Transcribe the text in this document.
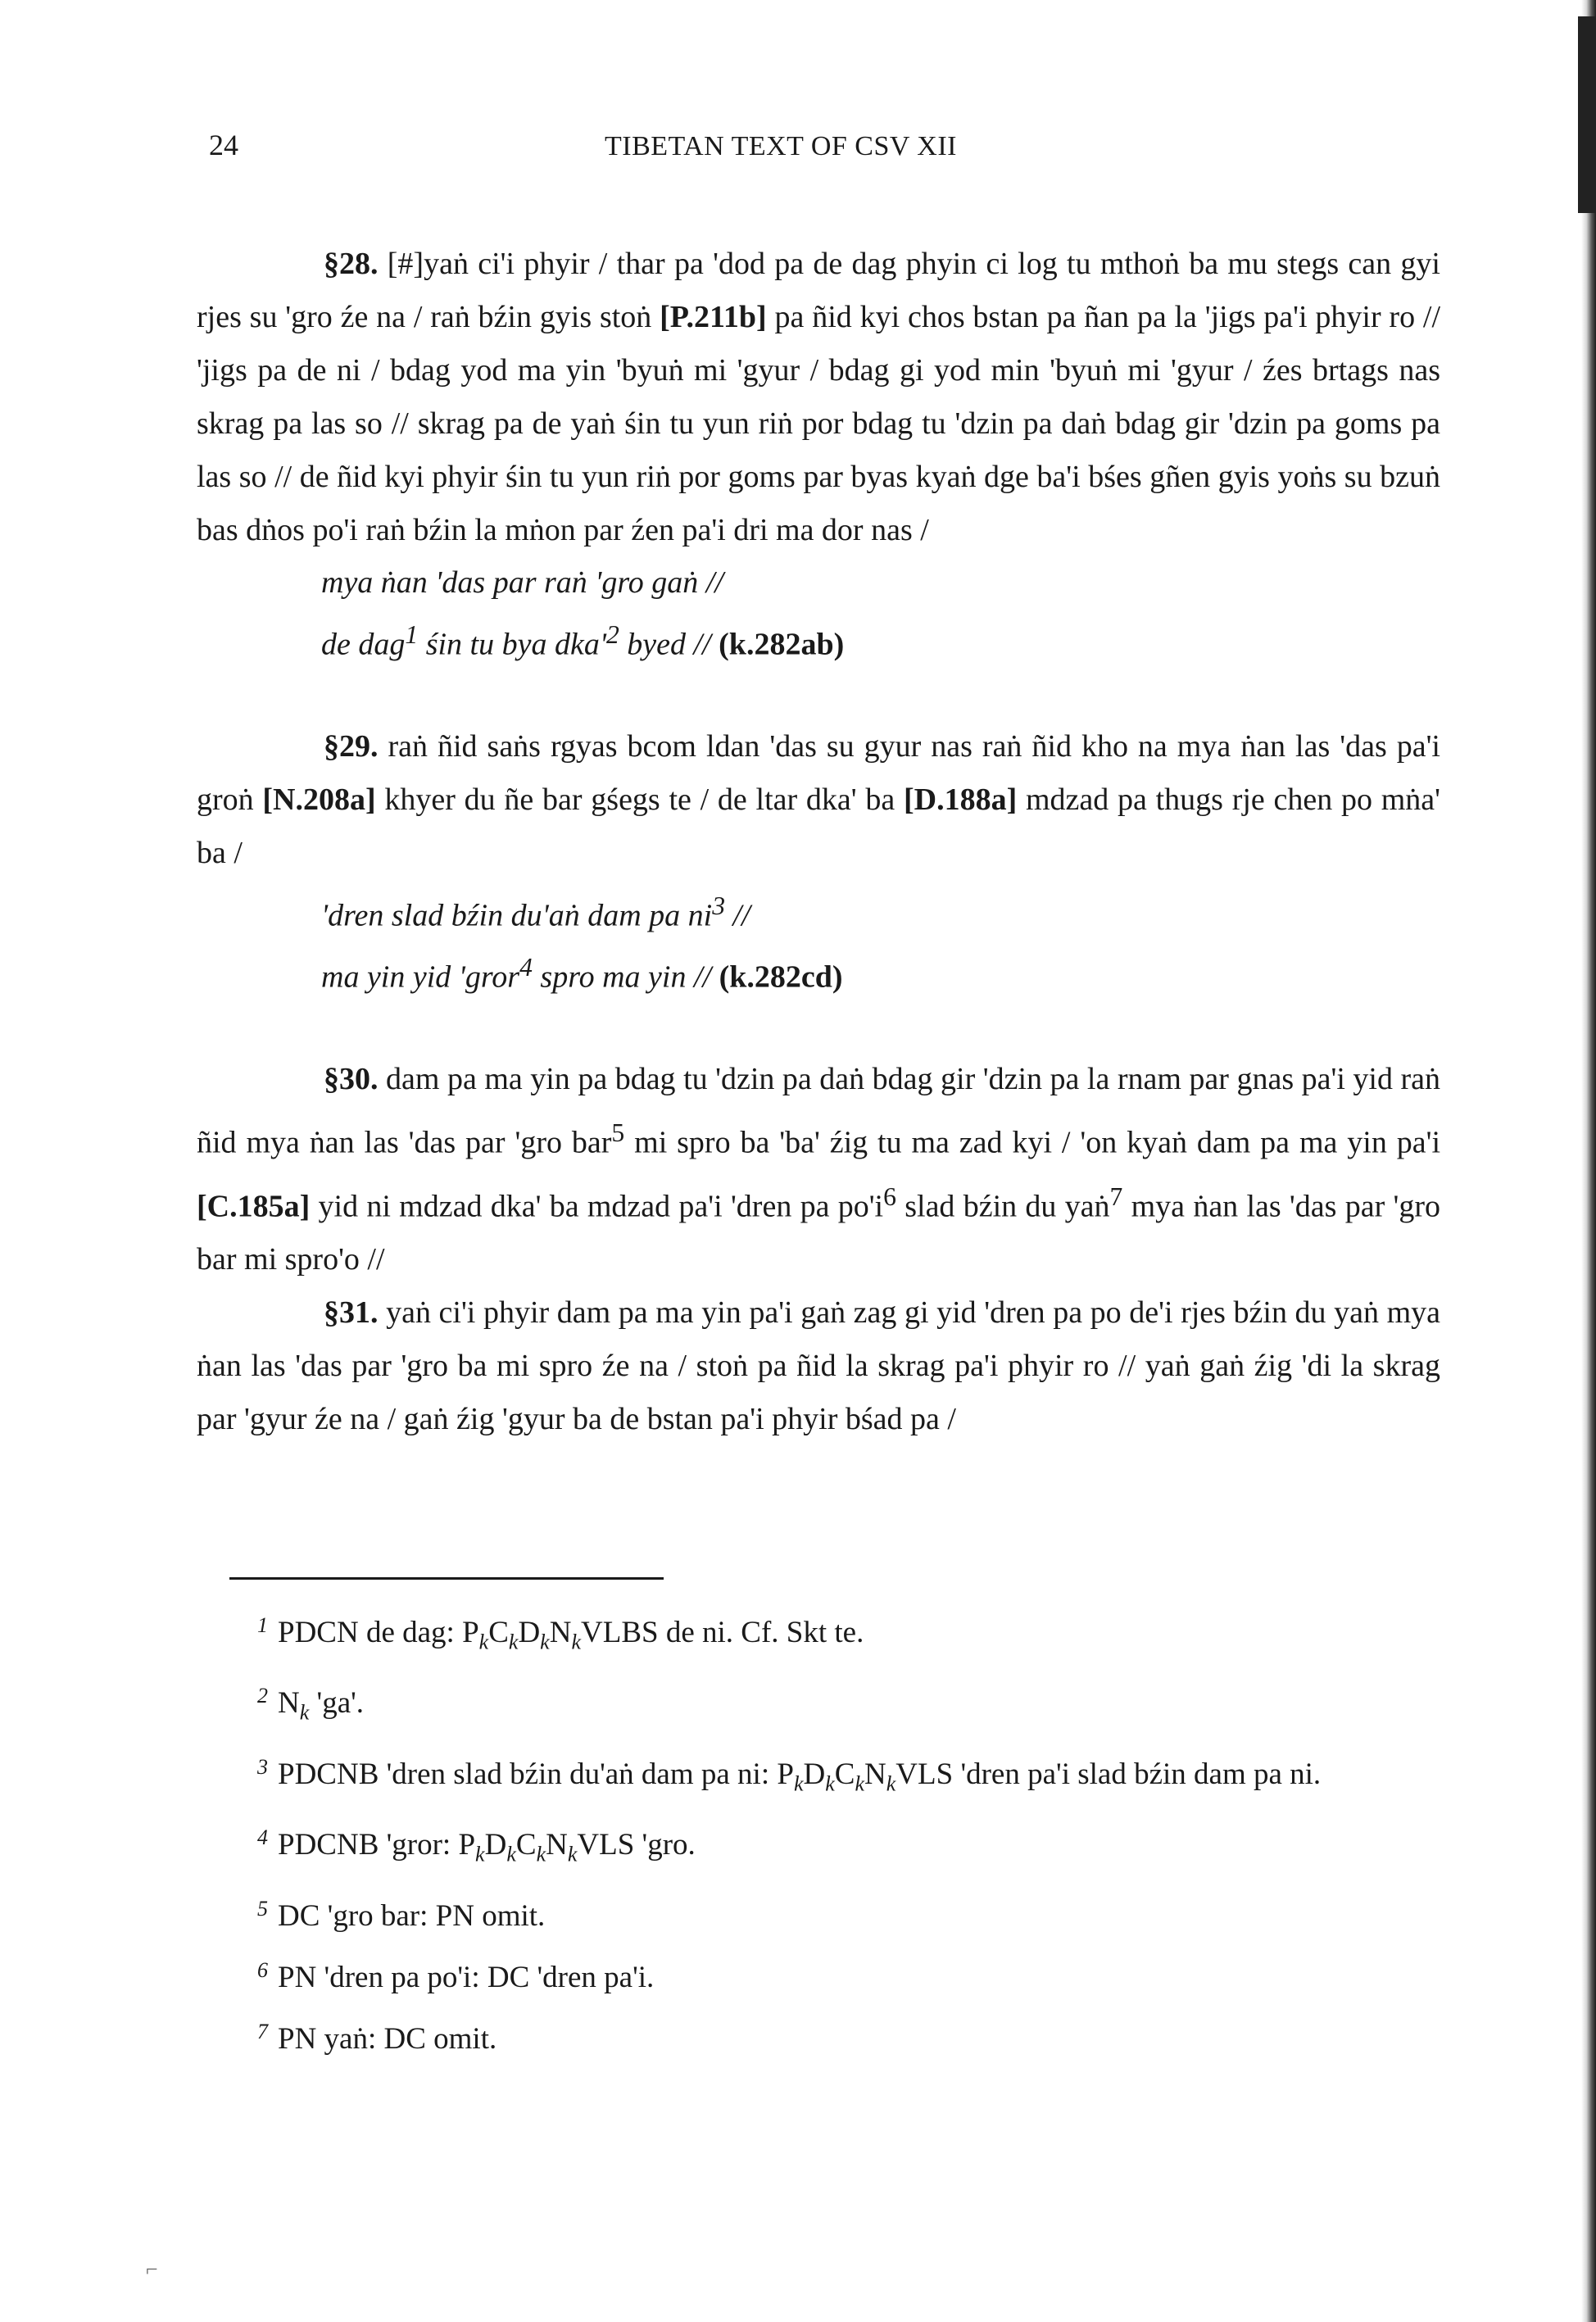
24	TIBETAN TEXT OF CSV XII

§28. [#]yaṅ ci'i phyir / thar pa 'dod pa de dag phyin ci log tu mthoṅ ba mu stegs can gyi rjes su 'gro źe na / raṅ bźin gyis stoṅ [P.211b] pa ñid kyi chos bstan pa ñan pa la 'jigs pa'i phyir ro // 'jigs pa de ni / bdag yod ma yin 'byuṅ mi 'gyur / bdag gi yod min 'byuṅ mi 'gyur / źes brtags nas skrag pa las so // skrag pa de yaṅ śin tu yun riṅ por bdag tu 'dzin pa daṅ bdag gir 'dzin pa goms pa las so // de ñid kyi phyir śin tu yun riṅ por goms par byas kyaṅ dge ba'i bśes gñen gyis yoṅs su bzuṅ bas dṅos po'i raṅ bźin la mṅon par źen pa'i dri ma dor nas /

mya ṅan 'das par raṅ 'gro gaṅ //

de dag$^1$ śin tu bya $dka'^2$ byed // (k.282ab)

§29. raṅ ñid saṅs rgyas bcom ldan 'das su gyur nas raṅ ñid kho na mya ṅan las 'das pa'i groṅ [N.208a] khyer du ñe bar gśegs te / de ltar dka' ba [D.188a] mdzad pa thugs rje chen po mṅa' ba /

'dren slad bźin du'aṅ dam pa $ni^3$ //

ma yin yid 'gror$^4$ spro ma yin // (k.282cd)

§30. dam pa ma yin pa bdag tu 'dzin pa daṅ bdag gir 'dzin pa la rnam par gnas pa'i yid raṅ ñid mya ṅan las 'das par 'gro bar$^5$ mi spro ba 'ba' źig tu ma zad kyi / 'on kyaṅ dam pa ma yin pa'i [C.185a] yid ni mdzad dka' ba mdzad pa'i 'dren pa $po'i^6$ slad bźin du yaṅ$^7$ mya ṅan las 'das par 'gro bar mi spro'o //

§31. yaṅ ci'i phyir dam pa ma yin pa'i gaṅ zag gi yid 'dren pa po de'i rjes bźin du yaṅ mya ṅan las 'das par 'gro ba mi spro źe na / stoṅ pa ñid la skrag pa'i phyir ro // yaṅ gaṅ źig 'di la skrag par 'gyur źe na / gaṅ źig 'gyur ba de bstan pa'i phyir bśad pa /

$^1$ PDCN de dag: $P_kC_kD_kN_kVLBS$ de ni. Cf. Skt te.

$^2$ $N_k$ 'ga'.

$^3$ PDCNB 'dren slad bźin du'aṅ dam pa ni: $P_kD_kC_kN_kVLS$ 'dren pa'i slad bźin dam pa ni.

$^4$ PDCNB 'gror: $P_kD_kC_kN_kVLS$ 'gro.

$^5$ DC 'gro bar: PN omit.

$^6$ PN 'dren pa po'i: DC 'dren pa'i.

$^7$ PN yaṅ: DC omit.

⌐
